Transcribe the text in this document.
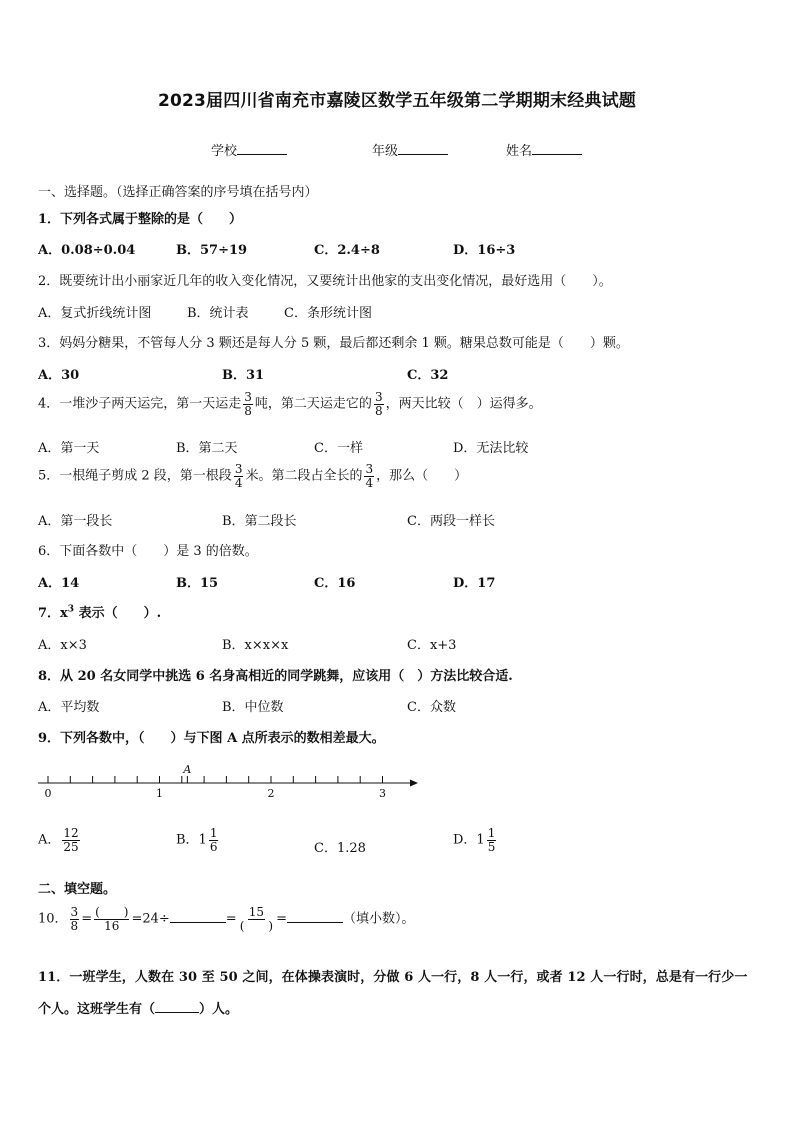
2023届四川省南充市嘉陵区数学五年级第二学期期末经典试题
学校	年级	姓名
一、选择题。（选择正确答案的序号填在括号内）
1．下列各式属于整除的是（　　）
A．0.08÷0.04	B．57÷19	C．2.4÷8	D．16÷3
2．既要统计出小丽家近几年的收入变化情况，又要统计出他家的支出变化情况，最好选用（　　）。
A．复式折线统计图	B．统计表	C．条形统计图
3．妈妈分糖果，不管每人分 3 颗还是每人分 5 颗，最后都还剩余 1 颗。糖果总数可能是（　　）颗。
A．30	B．31	C．32
4．一堆沙子两天运完，第一天运走 $\frac{3}{8}$ 吨，第二天运走它的 $\frac{3}{8}$ ，两天比较（　）运得多。
A．第一天	B．第二天	C．一样	D．无法比较
5．一根绳子剪成 2 段，第一根段 $\frac{3}{4}$ 米。第二段占全长的 $\frac{3}{4}$ ，那么（　　）
A．第一段长	B．第二段长	C．两段一样长
6．下面各数中（　　）是 3 的倍数。
A．14	B．15	C．16	D．17
7．$x^3$ 表示（　　）.
A．x×3	B．x×x×x	C．x+3
8．从 20 名女同学中挑选 6 名身高相近的同学跳舞，应该用（　）方法比较合适.
A．平均数	B．中位数	C．众数
9．下列各数中，（　　）与下图 A 点所表示的数相差最大。
0	1	2	3
A
A． $\frac{12}{25}$	B．$1 \frac{1}{6}$	C．1.28
D．$1 \frac{1}{5}$
二、填空题。
10． $\frac{3}{8} = \frac{( )}{16} =24\div$	= $\frac{15}{( )}$ =	（填小数）。
11．一班学生，人数在 30 至 50 之间，在体操表演时，分做 6 人一行，8 人一行，或者 12 人一行时，总是有一行少一
个人。这班学生有（	）人。
